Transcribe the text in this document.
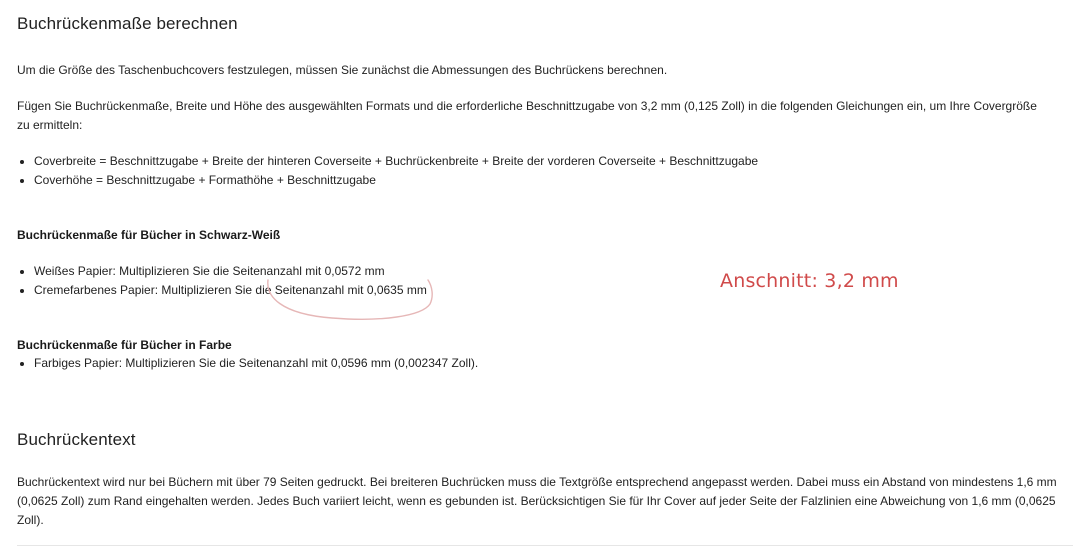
Buchrückenmaße berechnen

Um die Größe des Taschenbuchcovers festzulegen, müssen Sie zunächst die Abmessungen des Buchrückens berechnen.

Fügen Sie Buchrückenmaße, Breite und Höhe des ausgewählten Formats und die erforderliche Beschnittzugabe von 3,2 mm (0,125 Zoll) in die folgenden Gleichungen ein, um Ihre Covergröße zu ermitteln:

• Coverbreite = Beschnittzugabe + Breite der hinteren Coverseite + Buchrückenbreite + Breite der vorderen Coverseite + Beschnittzugabe
• Coverhöhe = Beschnittzugabe + Formathöhe + Beschnittzugabe
Buchrückenmaße für Bücher in Schwarz-Weiß
• Weißes Papier: Multiplizieren Sie die Seitenanzahl mit 0,0572 mm
• Cremefarbenes Papier: Multiplizieren Sie die Seitenanzahl mit 0,0635 mm
Buchrückenmaße für Bücher in Farbe
• Farbiges Papier: Multiplizieren Sie die Seitenanzahl mit 0,0596 mm (0,002347 Zoll).
Buchrückentext

Buchrückentext wird nur bei Büchern mit über 79 Seiten gedruckt. Bei breiteren Buchrücken muss die Textgröße entsprechend angepasst werden. Dabei muss ein Abstand von mindestens 1,6 mm (0,0625 Zoll) zum Rand eingehalten werden. Jedes Buch variiert leicht, wenn es gebunden ist. Berücksichtigen Sie für Ihr Cover auf jeder Seite der Falzlinien eine Abweichung von 1,6 mm (0,0625 Zoll).

Anschnitt: 3,2 mm
